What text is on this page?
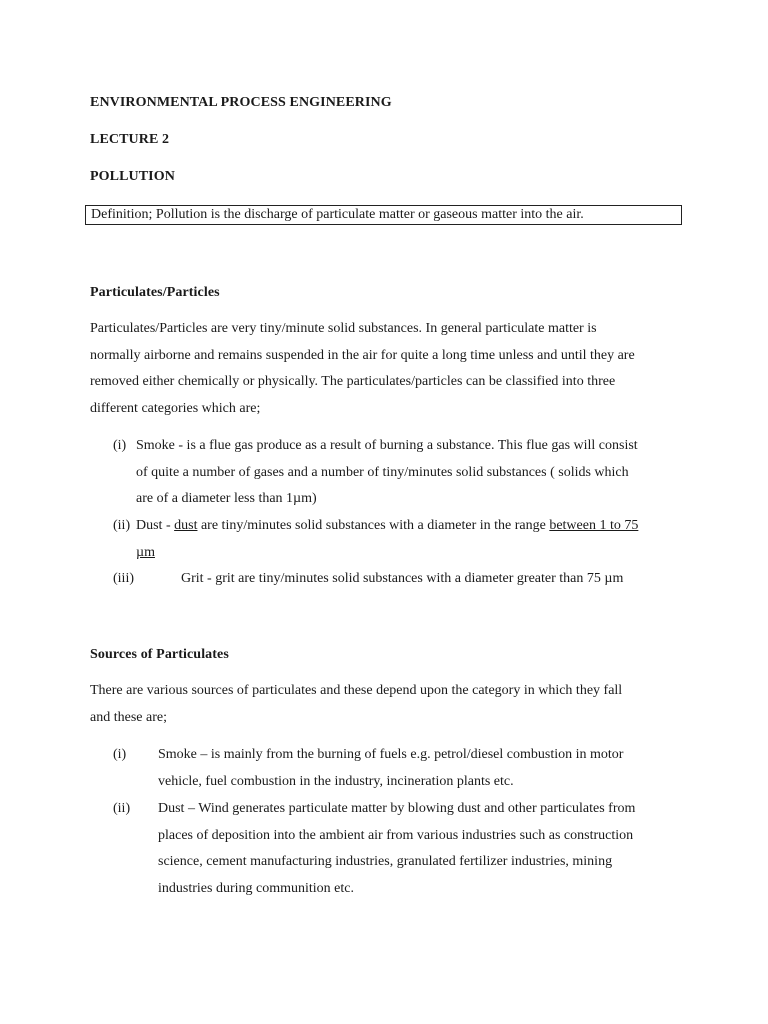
ENVIRONMENTAL PROCESS ENGINEERING
LECTURE 2
POLLUTION
Definition; Pollution is the discharge of particulate matter or gaseous matter into the air.
Particulates/Particles
Particulates/Particles are very tiny/minute solid substances. In general particulate matter is
normally airborne and remains suspended in the air for quite a long time unless and until they are
removed either chemically or physically. The particulates/particles can be classified into three
different categories which are;
(i) Smoke - is a flue gas produce as a result of burning a substance. This flue gas will consist
of quite a number of gases and a number of tiny/minutes solid substances ( solids which
are of a diameter less than 1µm)
(ii) Dust - dust are tiny/minutes solid substances with a diameter in the range between 1 to 75
µm
(iii)	Grit - grit are tiny/minutes solid substances with a diameter greater than 75 µm
Sources of Particulates
There are various sources of particulates and these depend upon the category in which they fall
and these are;
(i) Smoke – is mainly from the burning of fuels e.g. petrol/diesel combustion in motor
vehicle, fuel combustion in the industry, incineration plants etc.
(ii) Dust – Wind generates particulate matter by blowing dust and other particulates from
places of deposition into the ambient air from various industries such as construction
science, cement manufacturing industries, granulated fertilizer industries, mining
industries during communition etc.
